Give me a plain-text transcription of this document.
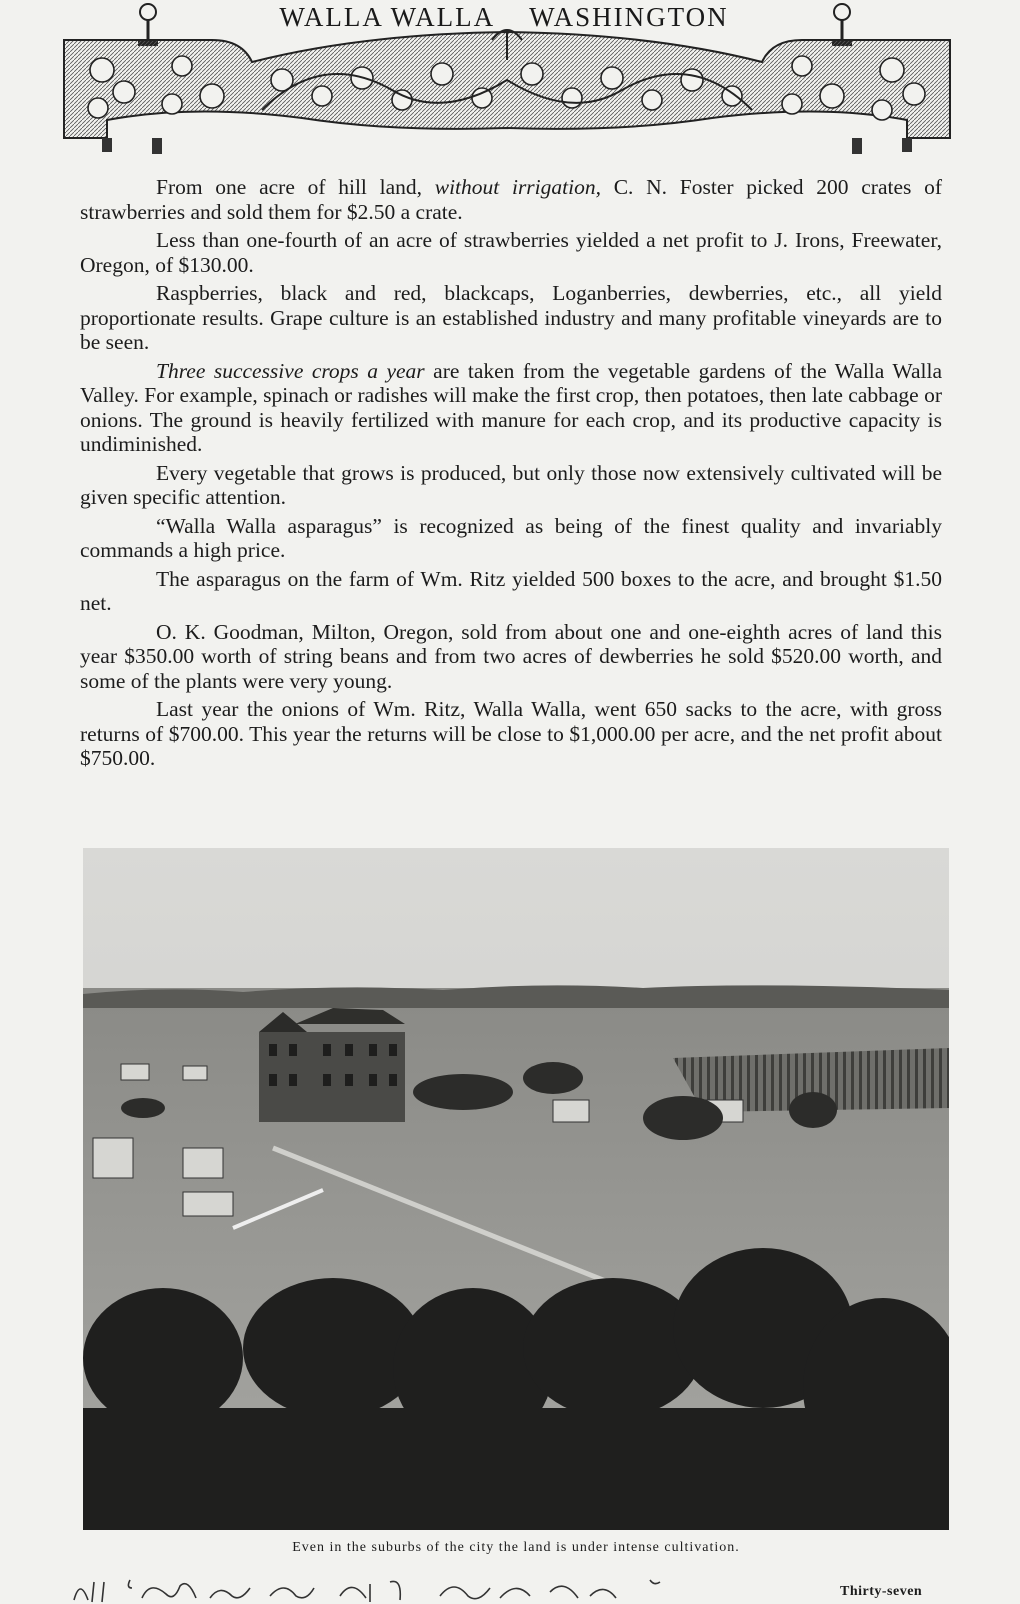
WALLA WALLA WASHINGTON

From one acre of hill land, without irrigation, C. N. Foster picked 200 crates of strawberries and sold them for $2.50 a crate.

Less than one-fourth of an acre of strawberries yielded a net profit to J. Irons, Freewater, Oregon, of $130.00.

Raspberries, black and red, blackcaps, Loganberries, dewberries, etc., all yield proportionate results. Grape culture is an established industry and many profitable vineyards are to be seen.

Three successive crops a year are taken from the vegetable gardens of the Walla Walla Valley. For example, spinach or radishes will make the first crop, then potatoes, then late cabbage or onions. The ground is heavily fertilized with manure for each crop, and its productive capacity is undiminished.

Every vegetable that grows is produced, but only those now extensively cultivated will be given specific attention.

“Walla Walla asparagus” is recognized as being of the finest quality and invariably commands a high price.

The asparagus on the farm of Wm. Ritz yielded 500 boxes to the acre, and brought $1.50 net.

O. K. Goodman, Milton, Oregon, sold from about one and one-eighth acres of land this year $350.00 worth of string beans and from two acres of dewberries he sold $520.00 worth, and some of the plants were very young.

Last year the onions of Wm. Ritz, Walla Walla, went 650 sacks to the acre, with gross returns of $700.00. This year the returns will be close to $1,000.00 per acre, and the net profit about $750.00.

Even in the suburbs of the city the land is under intense cultivation.
Thirty-seven
